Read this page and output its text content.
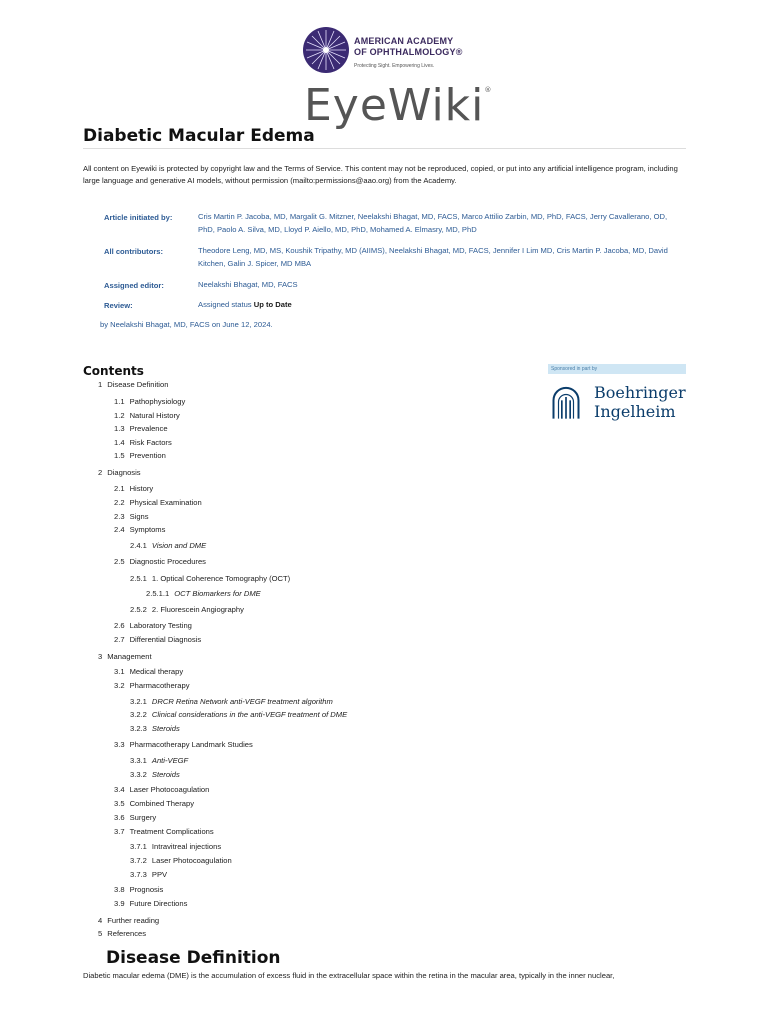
AMERICAN ACADEMY
OF OPHTHALMOLOGY®
Protecting Sight. Empowering Lives.
EyeWiki®
Diabetic Macular Edema

All content on Eyewiki is protected by copyright law and the Terms of Service. This content may not be reproduced, copied, or put into any artificial intelligence program, including large language and generative AI models, without permission (mailto:permissions@aao.org) from the Academy.

Article initiated by:	Cris Martin P. Jacoba, MD, Margalit G. Mitzner, Neelakshi Bhagat, MD, FACS, Marco Attilio Zarbin, MD, PhD, FACS, Jerry Cavallerano, OD, PhD, Paolo A. Silva, MD, Lloyd P. Aiello, MD, PhD, Mohamed A. Elmasry, MD, PhD
All contributors:	Theodore Leng, MD, MS, Koushik Tripathy, MD (AIIMS), Neelakshi Bhagat, MD, FACS, Jennifer I Lim MD, Cris Martin P. Jacoba, MD, David Kitchen, Galin J. Spicer, MD MBA
Assigned editor:	Neelakshi Bhagat, MD, FACS
Review:	Assigned status Up to Date
by Neelakshi Bhagat, MD, FACS on June 12, 2024.
Sponsored in part by
Boehringer
Ingelheim
Contents
1 Disease Definition
1.1 Pathophysiology
1.2 Natural History
1.3 Prevalence
1.4 Risk Factors
1.5 Prevention
2 Diagnosis
2.1 History
2.2 Physical Examination
2.3 Signs
2.4 Symptoms
2.4.1 Vision and DME
2.5 Diagnostic Procedures
2.5.1 1. Optical Coherence Tomography (OCT)
2.5.1.1 OCT Biomarkers for DME
2.5.2 2. Fluorescein Angiography
2.6 Laboratory Testing
2.7 Differential Diagnosis
3 Management
3.1 Medical therapy
3.2 Pharmacotherapy
3.2.1 DRCR Retina Network anti-VEGF treatment algorithm
3.2.2 Clinical considerations in the anti-VEGF treatment of DME
3.2.3 Steroids
3.3 Pharmacotherapy Landmark Studies
3.3.1 Anti-VEGF
3.3.2 Steroids
3.4 Laser Photocoagulation
3.5 Combined Therapy
3.6 Surgery
3.7 Treatment Complications
3.7.1 Intravitreal injections
3.7.2 Laser Photocoagulation
3.7.3 PPV
3.8 Prognosis
3.9 Future Directions
4 Further reading
5 References
Disease Definition

Diabetic macular edema (DME) is the accumulation of excess fluid in the extracellular space within the retina in the macular area, typically in the inner nuclear,
